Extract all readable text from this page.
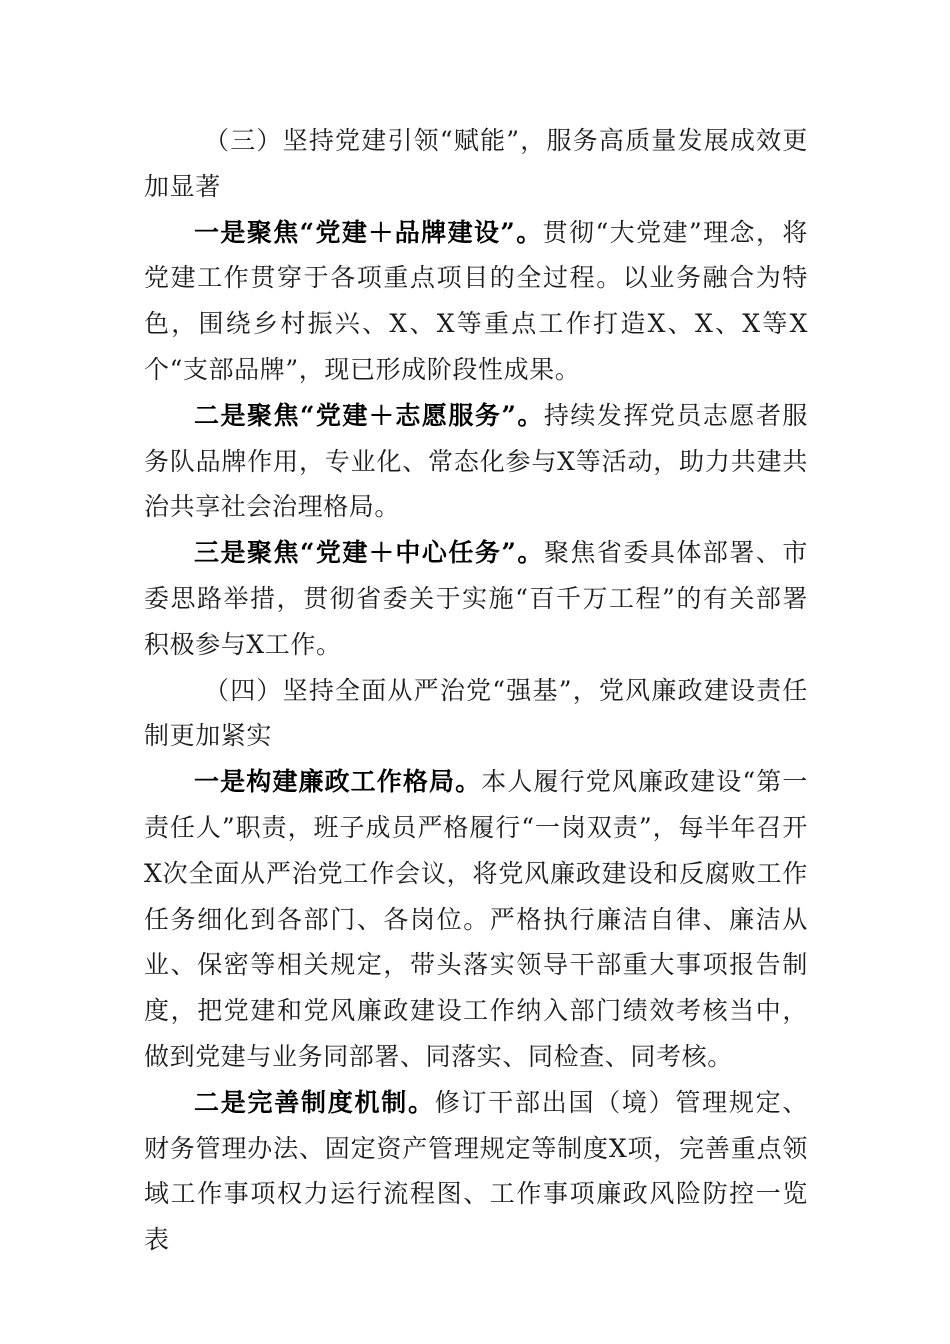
（三）坚持党建引领“赋能”，服务高质量发展成效更加显著

一是聚焦“党建＋品牌建设”。贯彻“大党建”理念，将党建工作贯穿于各项重点项目的全过程。以业务融合为特色，围绕乡村振兴、X、X等重点工作打造X、X、X等X个“支部品牌”，现已形成阶段性成果。

二是聚焦“党建＋志愿服务”。持续发挥党员志愿者服务队品牌作用，专业化、常态化参与X等活动，助力共建共治共享社会治理格局。

三是聚焦“党建＋中心任务”。聚焦省委具体部署、市委思路举措，贯彻省委关于实施“百千万工程”的有关部署积极参与X工作。

（四）坚持全面从严治党“强基”，党风廉政建设责任制更加紧实

一是构建廉政工作格局。本人履行党风廉政建设“第一责任人”职责，班子成员严格履行“一岗双责”，每半年召开X次全面从严治党工作会议，将党风廉政建设和反腐败工作任务细化到各部门、各岗位。严格执行廉洁自律、廉洁从业、保密等相关规定，带头落实领导干部重大事项报告制度，把党建和党风廉政建设工作纳入部门绩效考核当中，做到党建与业务同部署、同落实、同检查、同考核。

二是完善制度机制。修订干部出国（境）管理规定、财务管理办法、固定资产管理规定等制度X项，完善重点领域工作事项权力运行流程图、工作事项廉政风险防控一览表
